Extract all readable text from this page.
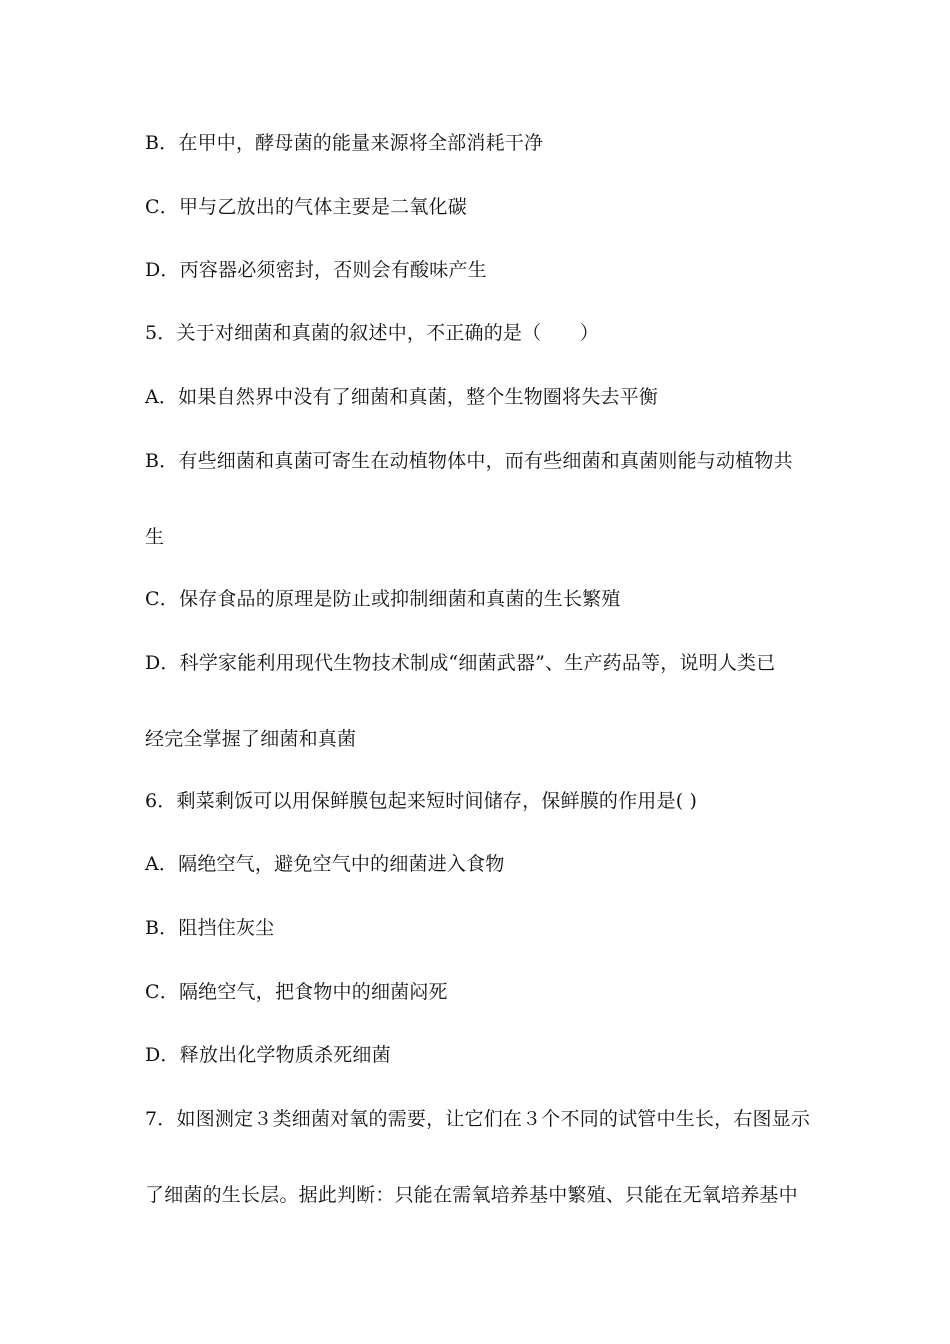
B．在甲中，酵母菌的能量来源将全部消耗干净
C．甲与乙放出的气体主要是二氧化碳
D．丙容器必须密封，否则会有酸味产生
5．关于对细菌和真菌的叙述中，不正确的是（　　）
A．如果自然界中没有了细菌和真菌，整个生物圈将失去平衡
B．有些细菌和真菌可寄生在动植物体中，而有些细菌和真菌则能与动植物共
生
C．保存食品的原理是防止或抑制细菌和真菌的生长繁殖
D．科学家能利用现代生物技术制成“细菌武器”、生产药品等，说明人类已
经完全掌握了细菌和真菌
6．剩菜剩饭可以用保鲜膜包起来短时间储存，保鲜膜的作用是( )
A．隔绝空气，避免空气中的细菌进入食物
B．阻挡住灰尘
C．隔绝空气，把食物中的细菌闷死
D．释放出化学物质杀死细菌
7．如图测定３类细菌对氧的需要，让它们在３个不同的试管中生长，右图显示
了细菌的生长层。据此判断：只能在需氧培养基中繁殖、只能在无氧培养基中
